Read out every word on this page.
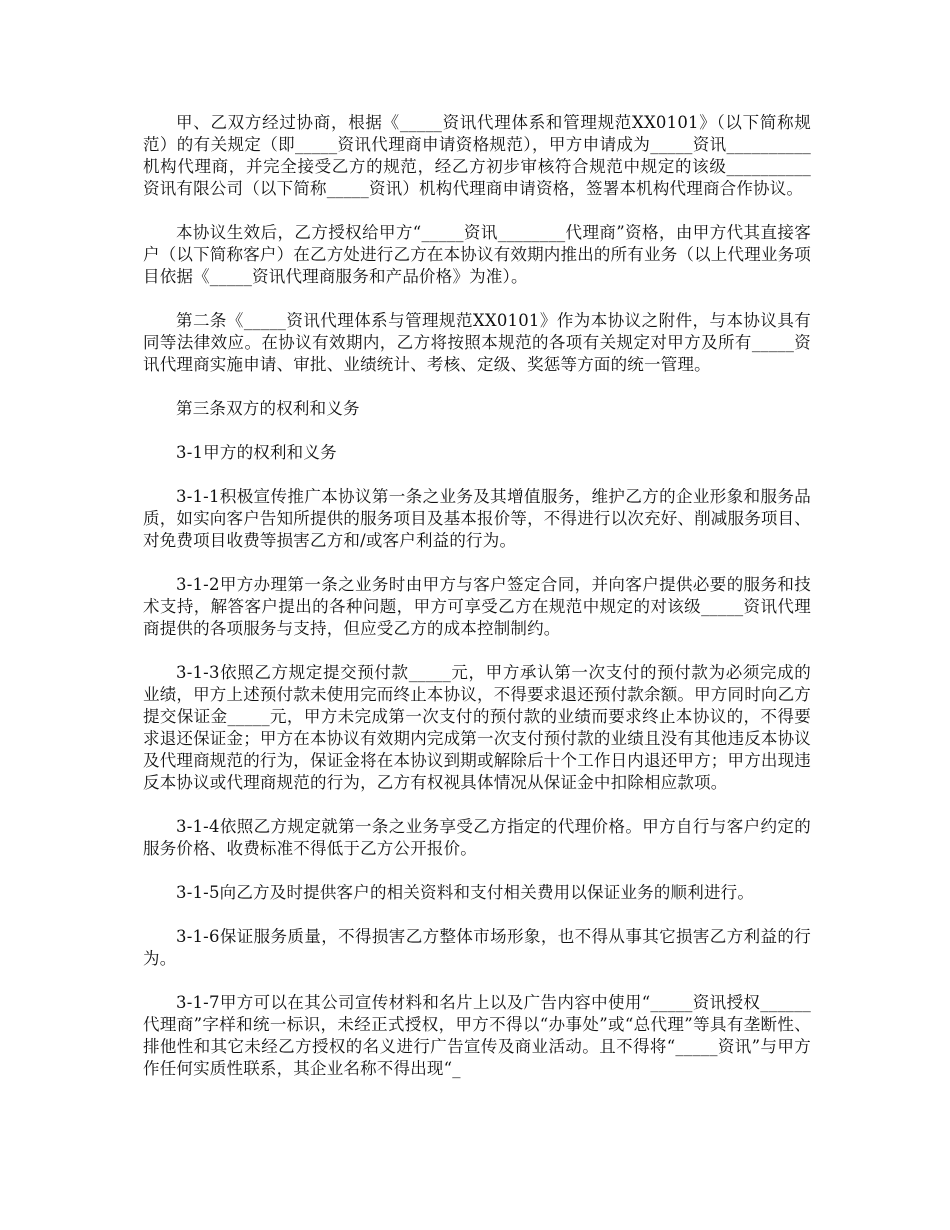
甲、乙双方经过协商，根据《_____资讯代理体系和管理规范XX0101》（以下简称规范）的有关规定（即_____资讯代理商申请资格规范），甲方申请成为_____资讯__________机构代理商，并完全接受乙方的规范，经乙方初步审核符合规范中规定的该级__________资讯有限公司（以下简称_____资讯）机构代理商申请资格，签署本机构代理商合作协议。

本协议生效后，乙方授权给甲方“_____资讯________代理商”资格，由甲方代其直接客户（以下简称客户）在乙方处进行乙方在本协议有效期内推出的所有业务（以上代理业务项目依据《_____资讯代理商服务和产品价格》为准）。

第二条《_____资讯代理体系与管理规范XX0101》作为本协议之附件，与本协议具有同等法律效应。在协议有效期内，乙方将按照本规范的各项有关规定对甲方及所有_____资讯代理商实施申请、审批、业绩统计、考核、定级、奖惩等方面的统一管理。

第三条双方的权利和义务

3-1甲方的权利和义务

3-1-1积极宣传推广本协议第一条之业务及其增值服务，维护乙方的企业形象和服务品质，如实向客户告知所提供的服务项目及基本报价等，不得进行以次充好、削减服务项目、对免费项目收费等损害乙方和/或客户利益的行为。

3-1-2甲方办理第一条之业务时由甲方与客户签定合同，并向客户提供必要的服务和技术支持，解答客户提出的各种问题，甲方可享受乙方在规范中规定的对该级_____资讯代理商提供的各项服务与支持，但应受乙方的成本控制制约。

3-1-3依照乙方规定提交预付款_____元，甲方承认第一次支付的预付款为必须完成的业绩，甲方上述预付款未使用完而终止本协议，不得要求退还预付款余额。甲方同时向乙方提交保证金_____元，甲方未完成第一次支付的预付款的业绩而要求终止本协议的，不得要求退还保证金；甲方在本协议有效期内完成第一次支付预付款的业绩且没有其他违反本协议及代理商规范的行为，保证金将在本协议到期或解除后十个工作日内退还甲方；甲方出现违反本协议或代理商规范的行为，乙方有权视具体情况从保证金中扣除相应款项。

3-1-4依照乙方规定就第一条之业务享受乙方指定的代理价格。甲方自行与客户约定的服务价格、收费标准不得低于乙方公开报价。

3-1-5向乙方及时提供客户的相关资料和支付相关费用以保证业务的顺利进行。

3-1-6保证服务质量，不得损害乙方整体市场形象，也不得从事其它损害乙方利益的行为。

3-1-7甲方可以在其公司宣传材料和名片上以及广告内容中使用“_____资讯授权______代理商”字样和统一标识，未经正式授权，甲方不得以“办事处”或“总代理”等具有垄断性、排他性和其它未经乙方授权的名义进行广告宣传及商业活动。且不得将“_____资讯”与甲方作任何实质性联系，其企业名称不得出现“_
